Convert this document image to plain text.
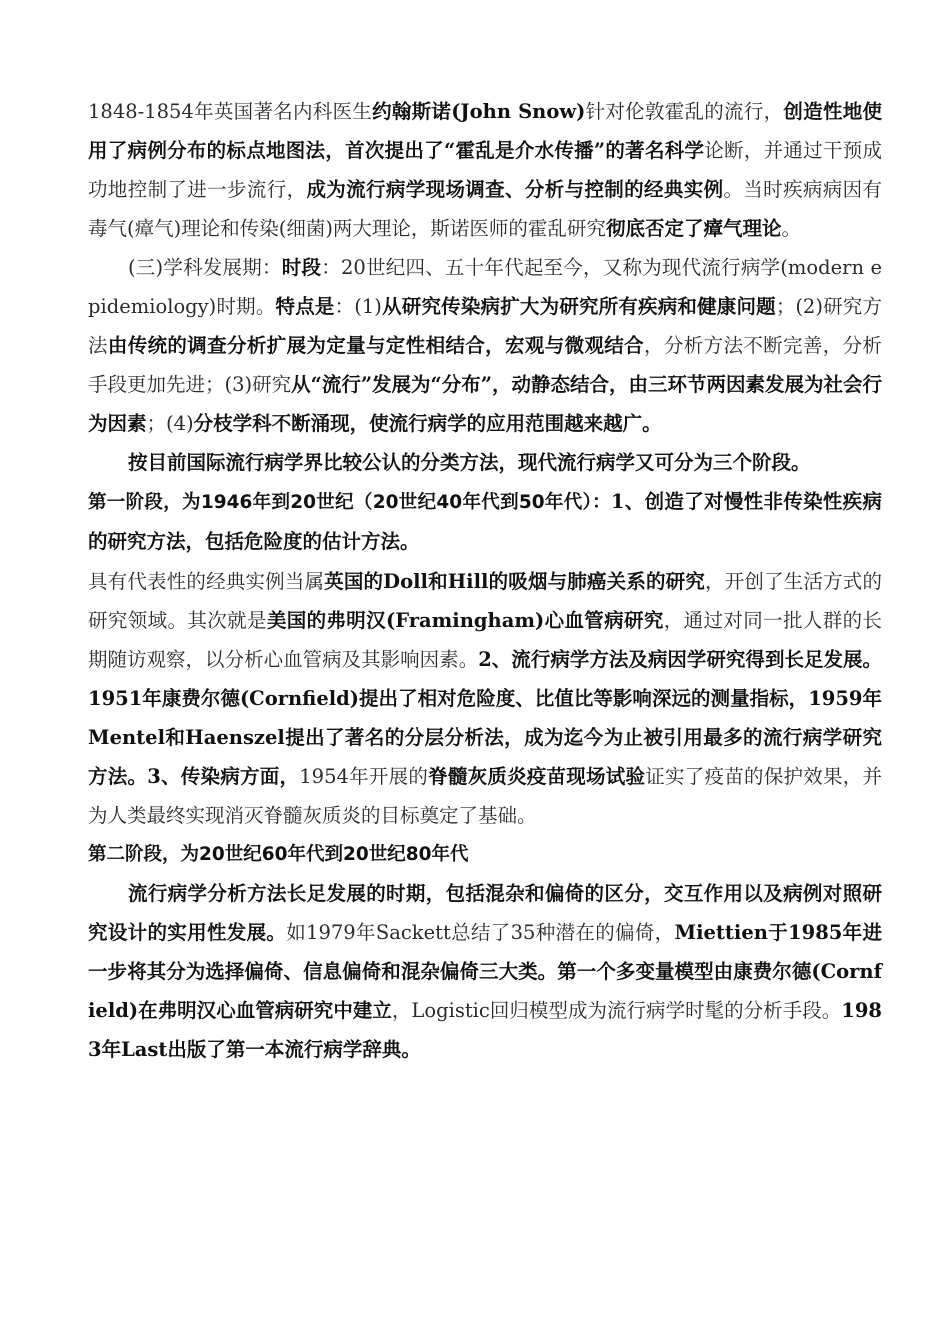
1848-1854年英国著名内科医生约翰斯诺(John Snow)针对伦敦霍乱的流行，创造性地使用了病例分布的标点地图法，首次提出了“霍乱是介水传播”的著名科学论断，并通过干预成功地控制了进一步流行，成为流行病学现场调查、分析与控制的经典实例。当时疾病病因有毒气(瘴气)理论和传染(细菌)两大理论，斯诺医师的霍乱研究彻底否定了瘴气理论。

(三)学科发展期：时段：20世纪四、五十年代起至今，又称为现代流行病学(modern epidemiology)时期。特点是：(1)从研究传染病扩大为研究所有疾病和健康问题；(2)研究方法由传统的调查分析扩展为定量与定性相结合，宏观与微观结合，分析方法不断完善，分析手段更加先进；(3)研究从“流行”发展为“分布”，动静态结合，由三环节两因素发展为社会行为因素；(4)分枝学科不断涌现，使流行病学的应用范围越来越广。

按目前国际流行病学界比较公认的分类方法，现代流行病学又可分为三个阶段。

第一阶段，为1946年到20世纪（20世纪40年代到50年代）：1、创造了对慢性非传染性疾病的研究方法，包括危险度的估计方法。

具有代表性的经典实例当属英国的Doll和Hill的吸烟与肺癌关系的研究，开创了生活方式的研究领域。其次就是美国的弗明汉(Framingham)心血管病研究，通过对同一批人群的长期随访观察，以分析心血管病及其影响因素。2、流行病学方法及病因学研究得到长足发展。1951年康费尔德(Cornfield)提出了相对危险度、比值比等影响深远的测量指标，1959年Mentel和Haenszel提出了著名的分层分析法，成为迄今为止被引用最多的流行病学研究方法。3、传染病方面，1954年开展的脊髓灰质炎疫苗现场试验证实了疫苗的保护效果，并为人类最终实现消灭脊髓灰质炎的目标奠定了基础。

第二阶段，为20世纪60年代到20世纪80年代

流行病学分析方法长足发展的时期，包括混杂和偏倚的区分，交互作用以及病例对照研究设计的实用性发展。如1979年Sackett总结了35种潜在的偏倚，Miettien于1985年进一步将其分为选择偏倚、信息偏倚和混杂偏倚三大类。第一个多变量模型由康费尔德(Cornfield)在弗明汉心血管病研究中建立，Logistic回归模型成为流行病学时髦的分析手段。1983年Last出版了第一本流行病学辞典。
